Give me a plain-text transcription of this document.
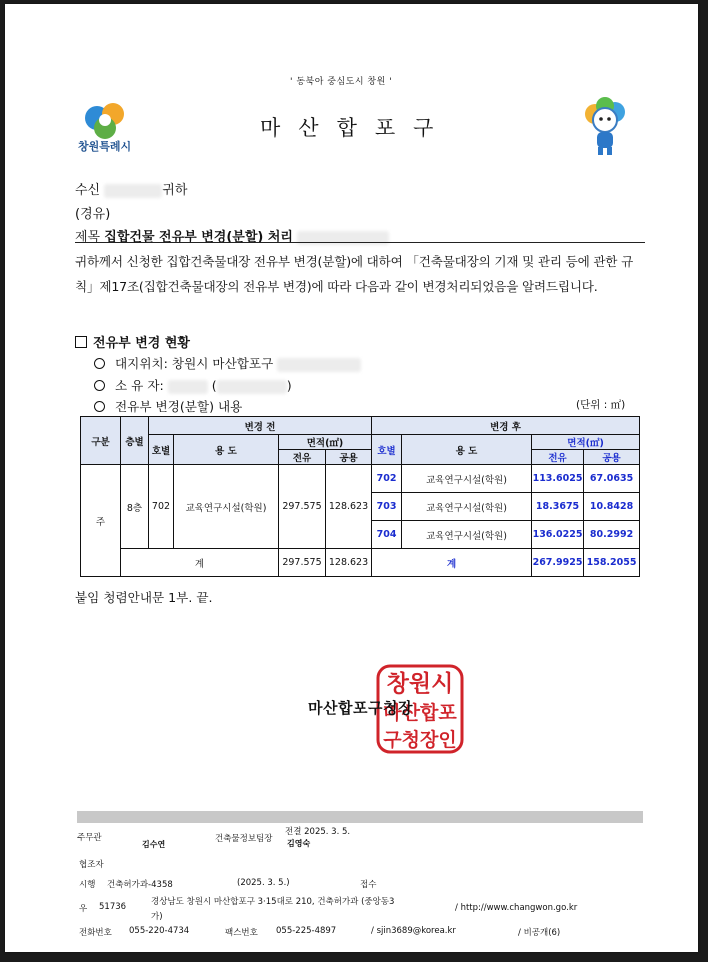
' 동북아 중심도시 창원 '
창원특례시
마산합포구
수신	귀하
(경유)
제목 집합건물 전유부 변경(분할) 처리
귀하께서 신청한 집합건축물대장 전유부 변경(분할)에 대하여 「건축물대장의 기재 및 관리 등에 관한 규칙」제17조(집합건축물대장의 전유부 변경)에 따라 다음과 같이 변경처리되었음을 알려드립니다.
전유부 변경 현황
대지위치: 창원시 마산합포구
소 유 자:	(	)
전유부 변경(분할) 내용	(단위 : ㎡)
구분	층별	변경 전				변경 후			
		호별	용 도	면적(㎡)		호별	용 도	면적(㎡)	
				전유	공용			전유	공용
주	8층	702	교육연구시설(학원)	297.575	128.623	702	교육연구시설(학원)	113.6025	67.0635
						703	교육연구시설(학원)	18.3675	10.8428
						704	교육연구시설(학원)	136.0225	80.2992
	계			297.575	128.623	계		267.9925	158.2055
붙임 청렴안내문 1부. 끝.
창원시
마산합포
구청장인
마산합포구청장
주무관
김수연
건축물정보팀장
전결 2025. 3. 5.
김영숙
협조자
시행 건축허가과-4358	(2025. 3. 5.)	접수
우 51736	경상남도 창원시 마산합포구 3·15대로 210, 건축허가과 (중앙동3
가)
/ http://www.changwon.go.kr
전화번호 055-220-4734	팩스번호 055-225-4897	/ sjin3689@korea.kr	/ 비공개(6)
